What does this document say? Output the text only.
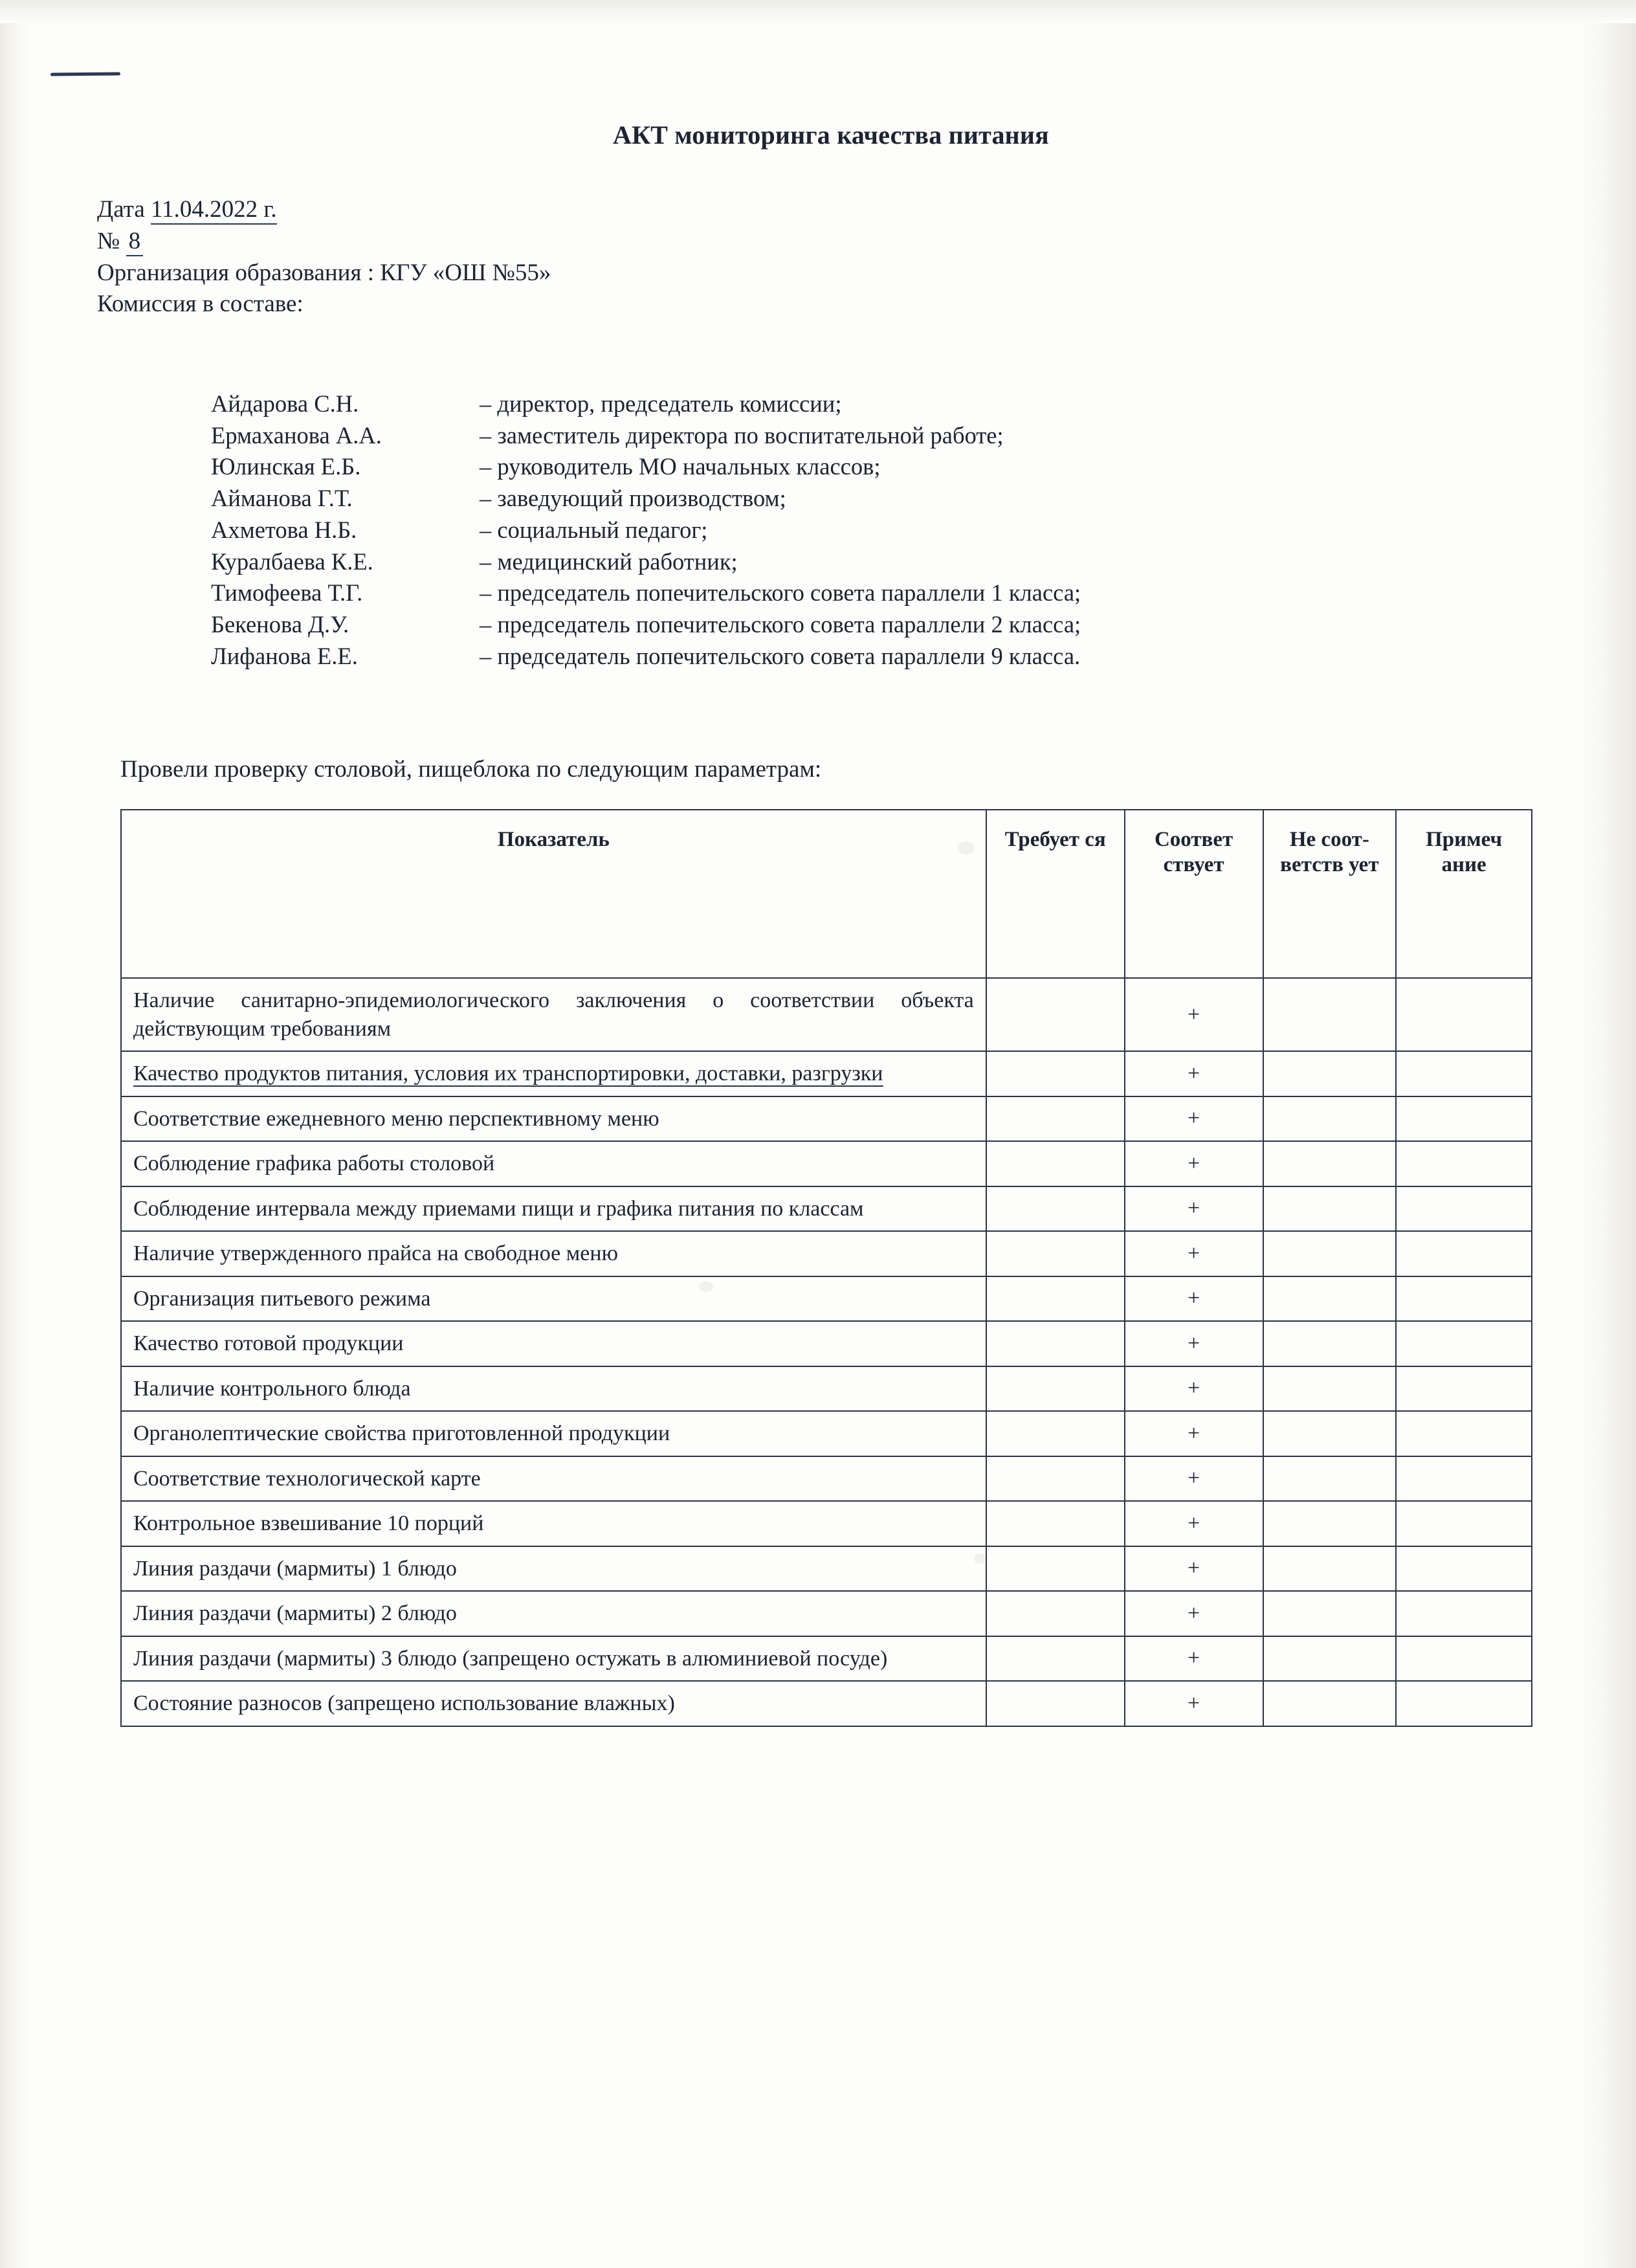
АКТ мониторинга качества питания
Дата 11.04.2022 г.
№ 8
Организация образования : КГУ «ОШ №55»
Комиссия в составе:
Айдарова С.Н.	– директор, председатель комиссии;
Ермаханова А.А.	– заместитель директора по воспитательной работе;
Юлинская Е.Б.	– руководитель МО начальных классов;
Айманова Г.Т.	– заведующий производством;
Ахметова Н.Б.	– социальный педагог;
Куралбаева К.Е.	– медицинский работник;
Тимофеева Т.Г.	– председатель попечительского совета параллели 1 класса;
Бекенова Д.У.	– председатель попечительского совета параллели 2 класса;
Лифанова Е.Е.	– председатель попечительского совета параллели 9 класса.
Провели проверку столовой, пищеблока по следующим параметрам:
Показатель	Требует ся	Соответ ствует	Не соот- ветств ует	Примеч ание
Наличие санитарно-эпидемиологического заключения о соответствии объекта действующим требованиям		+		
Качество продуктов питания, условия их транспортировки, доставки, разгрузки		+		
Соответствие ежедневного меню перспективному меню		+		
Соблюдение графика работы столовой		+		
Соблюдение интервала между приемами пищи и графика питания по классам		+		
Наличие утвержденного прайса на свободное меню		+		
Организация питьевого режима		+		
Качество готовой продукции		+		
Наличие контрольного блюда		+		
Органолептические свойства приготовленной продукции		+		
Соответствие технологической карте		+		
Контрольное взвешивание 10 порций		+		
Линия раздачи (мармиты) 1 блюдо		+		
Линия раздачи (мармиты) 2 блюдо		+		
Линия раздачи (мармиты) 3 блюдо (запрещено остужать в алюминиевой посуде)		+		
Состояние разносов (запрещено использование влажных)		+		
